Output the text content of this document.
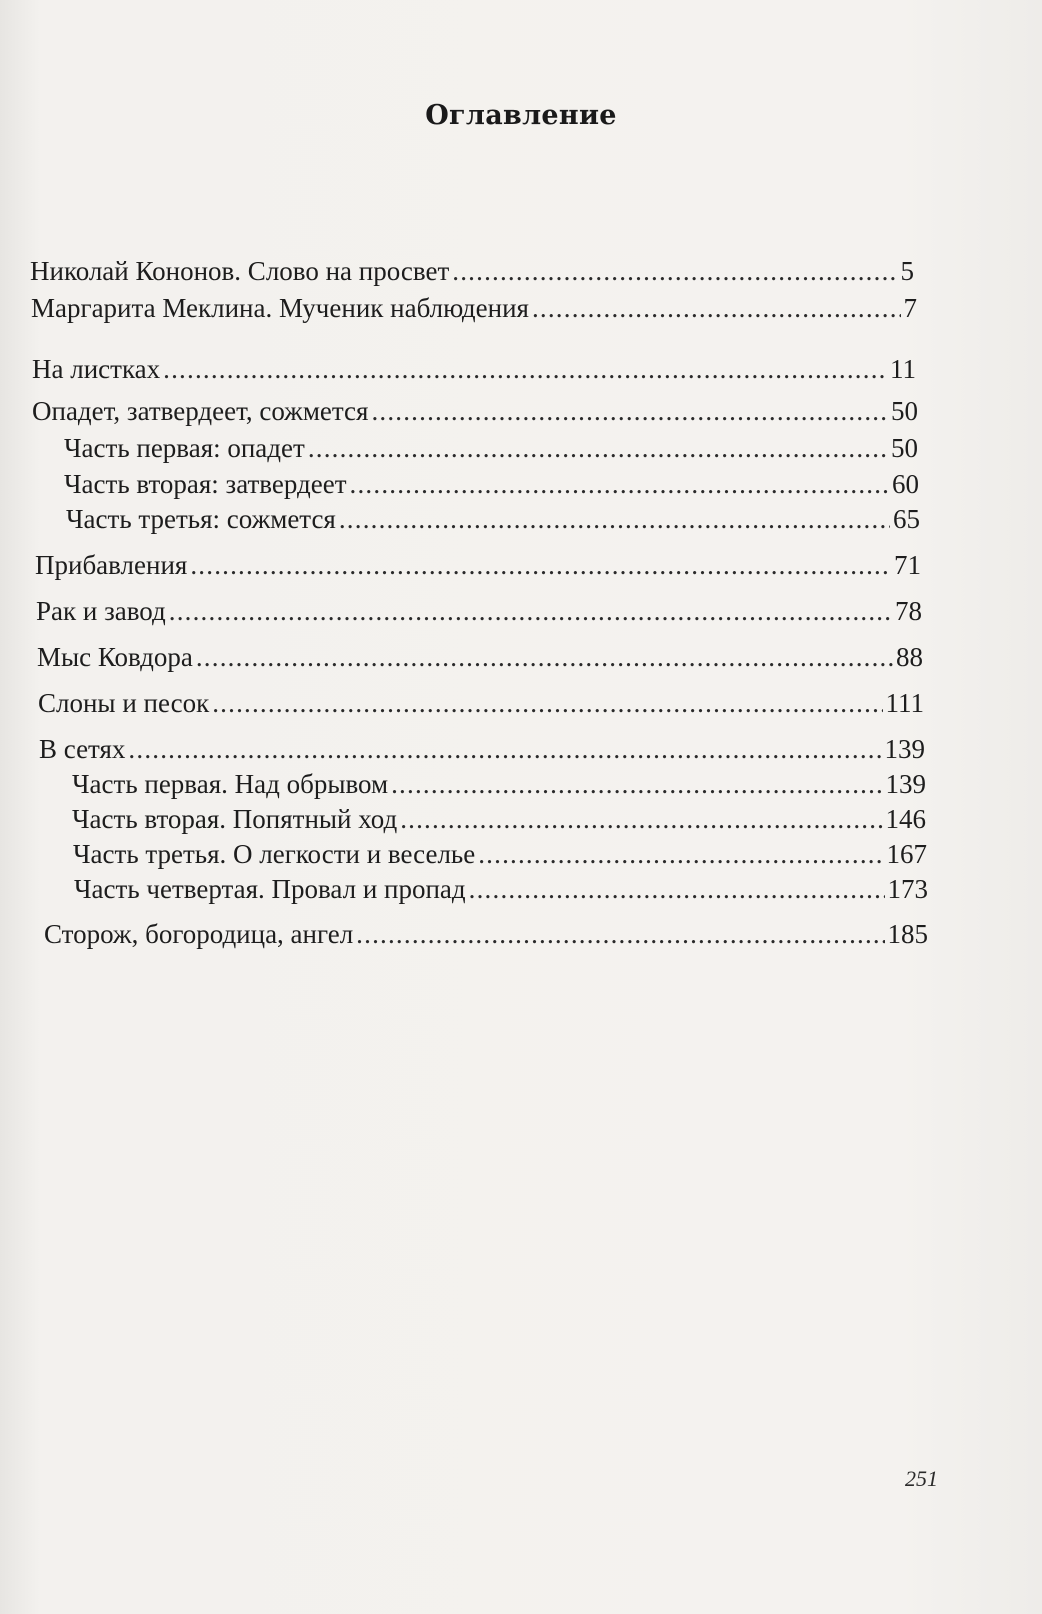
Оглавление
Николай Кононов. Слово на просвет .....	5
Маргарита Меклина. Мученик наблюдения .....	7
На листках .....	11
Опадет, затвердеет, сожмется .....	50
Часть первая: опадет .....	50
Часть вторая: затвердеет .....	60
Часть третья: сожмется .....	65
Прибавления .....	71
Рак и завод .....	78
Мыс Ковдора .....	88
Слоны и песок .....	111
В сетях .....	139
Часть первая. Над обрывом .....	139
Часть вторая. Попятный ход .....	146
Часть третья. О легкости и веселье .....	167
Часть четвертая. Провал и пропад .....	173
Сторож, богородица, ангел .....	185
251
